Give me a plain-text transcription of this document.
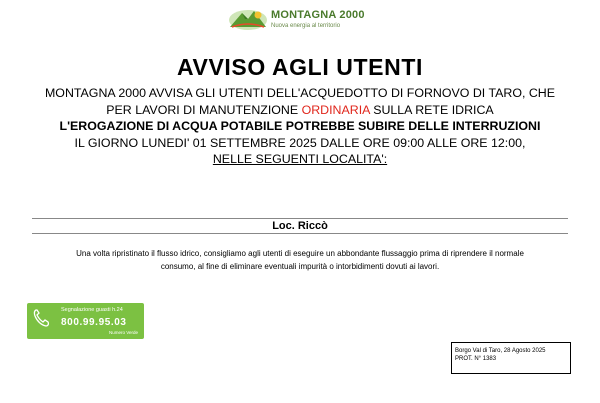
MONTAGNA 2000
Nuova energia al territorio
AVVISO AGLI UTENTI
MONTAGNA 2000 AVVISA GLI UTENTI DELL'ACQUEDOTTO DI FORNOVO DI TARO, CHE
PER LAVORI DI MANUTENZIONE ORDINARIA SULLA RETE IDRICA
L'EROGAZIONE DI ACQUA POTABILE POTREBBE SUBIRE DELLE INTERRUZIONI
IL GIORNO LUNEDI' 01 SETTEMBRE 2025 DALLE ORE 09:00 ALLE ORE 12:00,
NELLE SEGUENTI LOCALITA':
Loc. Riccò
Una volta ripristinato il flusso idrico, consigliamo agli utenti di eseguire un abbondante flussaggio prima di riprendere il normale
consumo, al fine di eliminare eventuali impurità o intorbidimenti dovuti ai lavori.
Segnalazione guasti h.24
800.99.95.03
Numero Verde
Borgo Val di Taro, 28 Agosto 2025
PROT. N° 1383
